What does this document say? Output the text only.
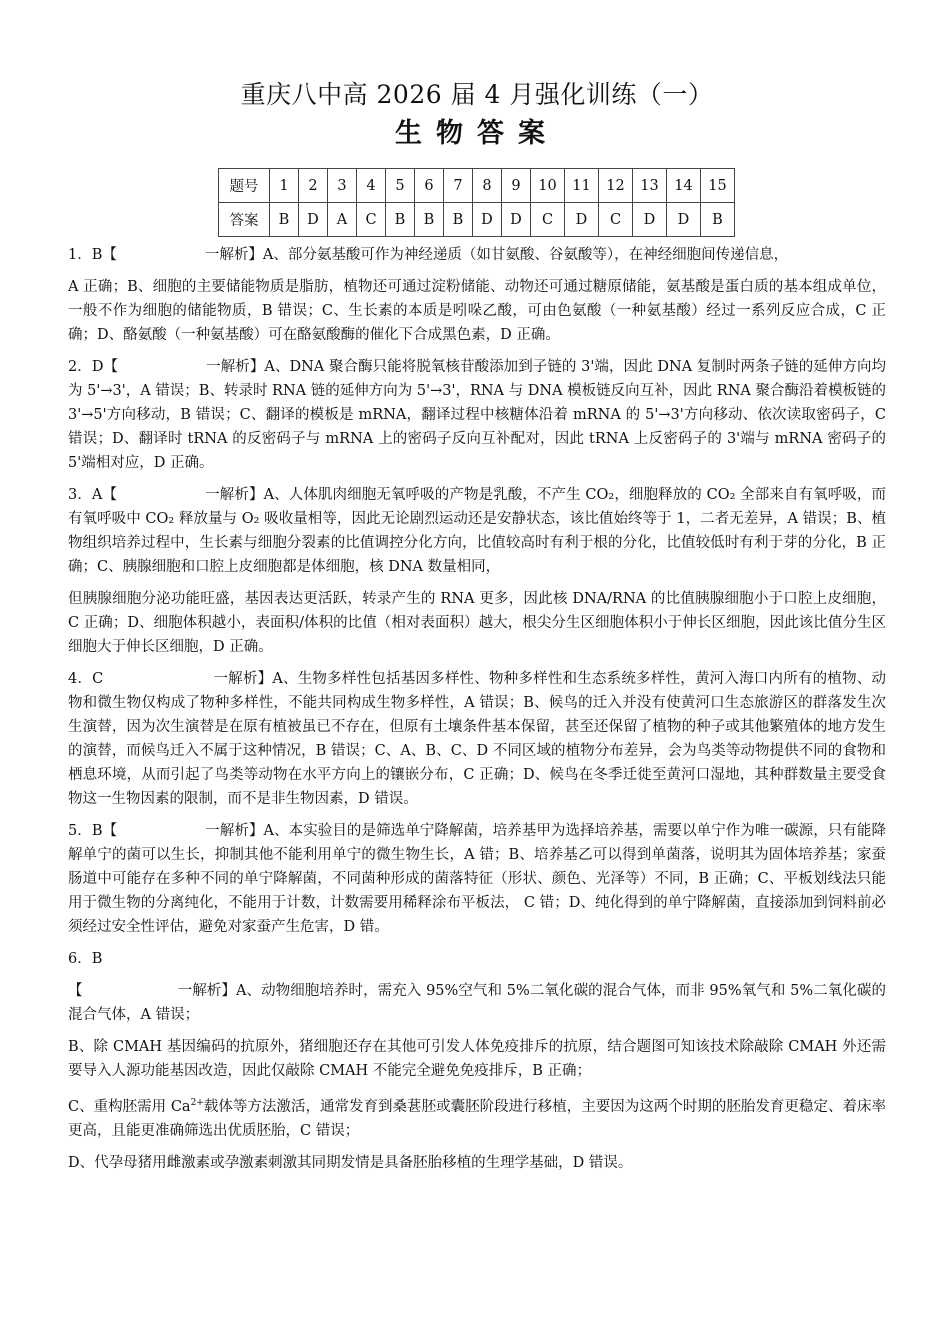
重庆八中高 2026 届 4 月强化训练（一）
生物答案
题号	1	2	3	4	5	6	7	8	9	10	11	12	13	14	15
答案	B	D	A	C	B	B	B	D	D	C	D	C	D	D	B

1．B【	一解析】A、部分氨基酸可作为神经递质（如甘氨酸、谷氨酸等），在神经细胞间传递信息，

A 正确；B、细胞的主要储能物质是脂肪，植物还可通过淀粉储能、动物还可通过糖原储能，氨基酸是蛋白质的基本组成单位，一般不作为细胞的储能物质，B 错误；C、生长素的本质是吲哚乙酸，可由色氨酸（一种氨基酸）经过一系列反应合成，C 正确；D、酪氨酸（一种氨基酸）可在酪氨酸酶的催化下合成黑色素，D 正确。

2．D【	一解析】A、DNA 聚合酶只能将脱氧核苷酸添加到子链的 3'端，因此 DNA 复制时两条子链的延伸方向均为 5'→3'，A 错误；B、转录时 RNA 链的延伸方向为 5'→3'，RNA 与 DNA 模板链反向互补，因此 RNA 聚合酶沿着模板链的 3'→5'方向移动，B 错误；C、翻译的模板是 mRNA，翻译过程中核糖体沿着 mRNA 的 5'→3'方向移动、依次读取密码子，C 错误；D、翻译时 tRNA 的反密码子与 mRNA 上的密码子反向互补配对，因此 tRNA 上反密码子的 3'端与 mRNA 密码子的 5'端相对应，D 正确。

3．A【	一解析】A、人体肌肉细胞无氧呼吸的产物是乳酸，不产生 CO₂，细胞释放的 CO₂ 全部来自有氧呼吸，而有氧呼吸中 CO₂ 释放量与 O₂ 吸收量相等，因此无论剧烈运动还是安静状态，该比值始终等于 1，二者无差异，A 错误；B、植物组织培养过程中，生长素与细胞分裂素的比值调控分化方向，比值较高时有利于根的分化，比值较低时有利于芽的分化，B 正确；C、胰腺细胞和口腔上皮细胞都是体细胞，核 DNA 数量相同，

但胰腺细胞分泌功能旺盛，基因表达更活跃，转录产生的 RNA 更多，因此核 DNA/RNA 的比值胰腺细胞小于口腔上皮细胞，C 正确；D、细胞体积越小，表面积/体积的比值（相对表面积）越大，根尖分生区细胞体积小于伸长区细胞，因此该比值分生区细胞大于伸长区细胞，D 正确。

4．C	一解析】A、生物多样性包括基因多样性、物种多样性和生态系统多样性，黄河入海口内所有的植物、动物和微生物仅构成了物种多样性，不能共同构成生物多样性，A 错误；B、候鸟的迁入并没有使黄河口生态旅游区的群落发生次生演替，因为次生演替是在原有植被虽已不存在，但原有土壤条件基本保留，甚至还保留了植物的种子或其他繁殖体的地方发生的演替，而候鸟迁入不属于这种情况，B 错误；C、A、B、C、D 不同区域的植物分布差异，会为鸟类等动物提供不同的食物和栖息环境，从而引起了鸟类等动物在水平方向上的镶嵌分布，C 正确；D、候鸟在冬季迁徙至黄河口湿地，其种群数量主要受食物这一生物因素的限制，而不是非生物因素，D 错误。

5．B【	一解析】A、本实验目的是筛选单宁降解菌，培养基甲为选择培养基，需要以单宁作为唯一碳源，只有能降解单宁的菌可以生长，抑制其他不能利用单宁的微生物生长，A 错；B、培养基乙可以得到单菌落，说明其为固体培养基；家蚕肠道中可能存在多种不同的单宁降解菌，不同菌种形成的菌落特征（形状、颜色、光泽等）不同，B 正确；C、平板划线法只能用于微生物的分离纯化，不能用于计数，计数需要用稀释涂布平板法， C 错；D、纯化得到的单宁降解菌，直接添加到饲料前必须经过安全性评估，避免对家蚕产生危害，D 错。

6．B

【	一解析】A、动物细胞培养时，需充入 95%空气和 5%二氧化碳的混合气体，而非 95%氧气和 5%二氧化碳的混合气体，A 错误；

B、除 CMAH 基因编码的抗原外，猪细胞还存在其他可引发人体免疫排斥的抗原，结合题图可知该技术除敲除 CMAH 外还需要导入人源功能基因改造，因此仅敲除 CMAH 不能完全避免免疫排斥，B 正确；

C、重构胚需用 $Ca^{2+}$载体等方法激活，通常发育到桑葚胚或囊胚阶段进行移植，主要因为这两个时期的胚胎发育更稳定、着床率更高，且能更准确筛选出优质胚胎，C 错误；

D、代孕母猪用雌激素或孕激素刺激其同期发情是具备胚胎移植的生理学基础，D 错误。
